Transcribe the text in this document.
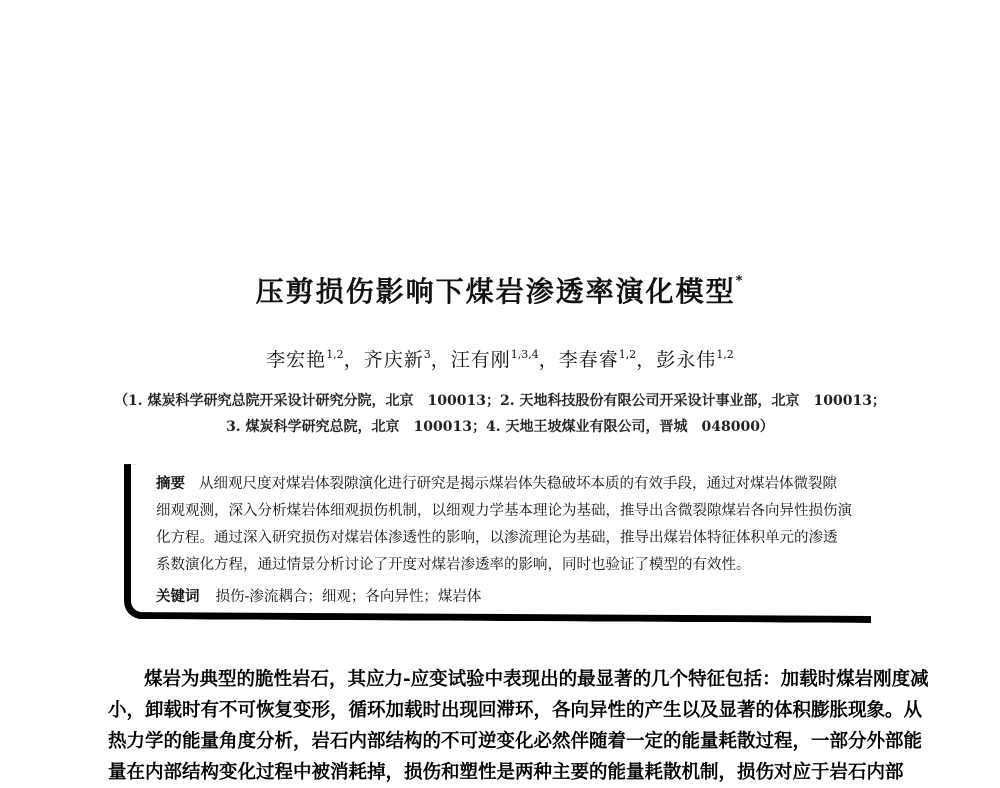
压剪损伤影响下煤岩渗透率演化模型*
李宏艳$^{1,2}$，齐庆新$^3$，汪有刚$^{1,3,4}$，李春睿$^{1,2}$，彭永伟$^{1,2}$
（1. 煤炭科学研究总院开采设计研究分院，北京　100013；2. 天地科技股份有限公司开采设计事业部，北京　100013；
3. 煤炭科学研究总院，北京　100013；4. 天地王坡煤业有限公司，晋城　048000）
摘要 从细观尺度对煤岩体裂隙演化进行研究是揭示煤岩体失稳破坏本质的有效手段，通过对煤岩体微裂隙
细观观测，深入分析煤岩体细观损伤机制，以细观力学基本理论为基础，推导出含微裂隙煤岩各向异性损伤演
化方程。通过深入研究损伤对煤岩体渗透性的影响，以渗流理论为基础，推导出煤岩体特征体积单元的渗透
系数演化方程，通过情景分析讨论了开度对煤岩渗透率的影响，同时也验证了模型的有效性。
关键词 损伤-渗流耦合；细观；各向异性；煤岩体
煤岩为典型的脆性岩石，其应力-应变试验中表现出的最显著的几个特征包括：加载时煤岩刚度减
小，卸载时有不可恢复变形，循环加载时出现回滞环，各向异性的产生以及显著的体积膨胀现象。从
热力学的能量角度分析，岩石内部结构的不可逆变化必然伴随着一定的能量耗散过程，一部分外部能
量在内部结构变化过程中被消耗掉，损伤和塑性是两种主要的能量耗散机制，损伤对应于岩石内部
